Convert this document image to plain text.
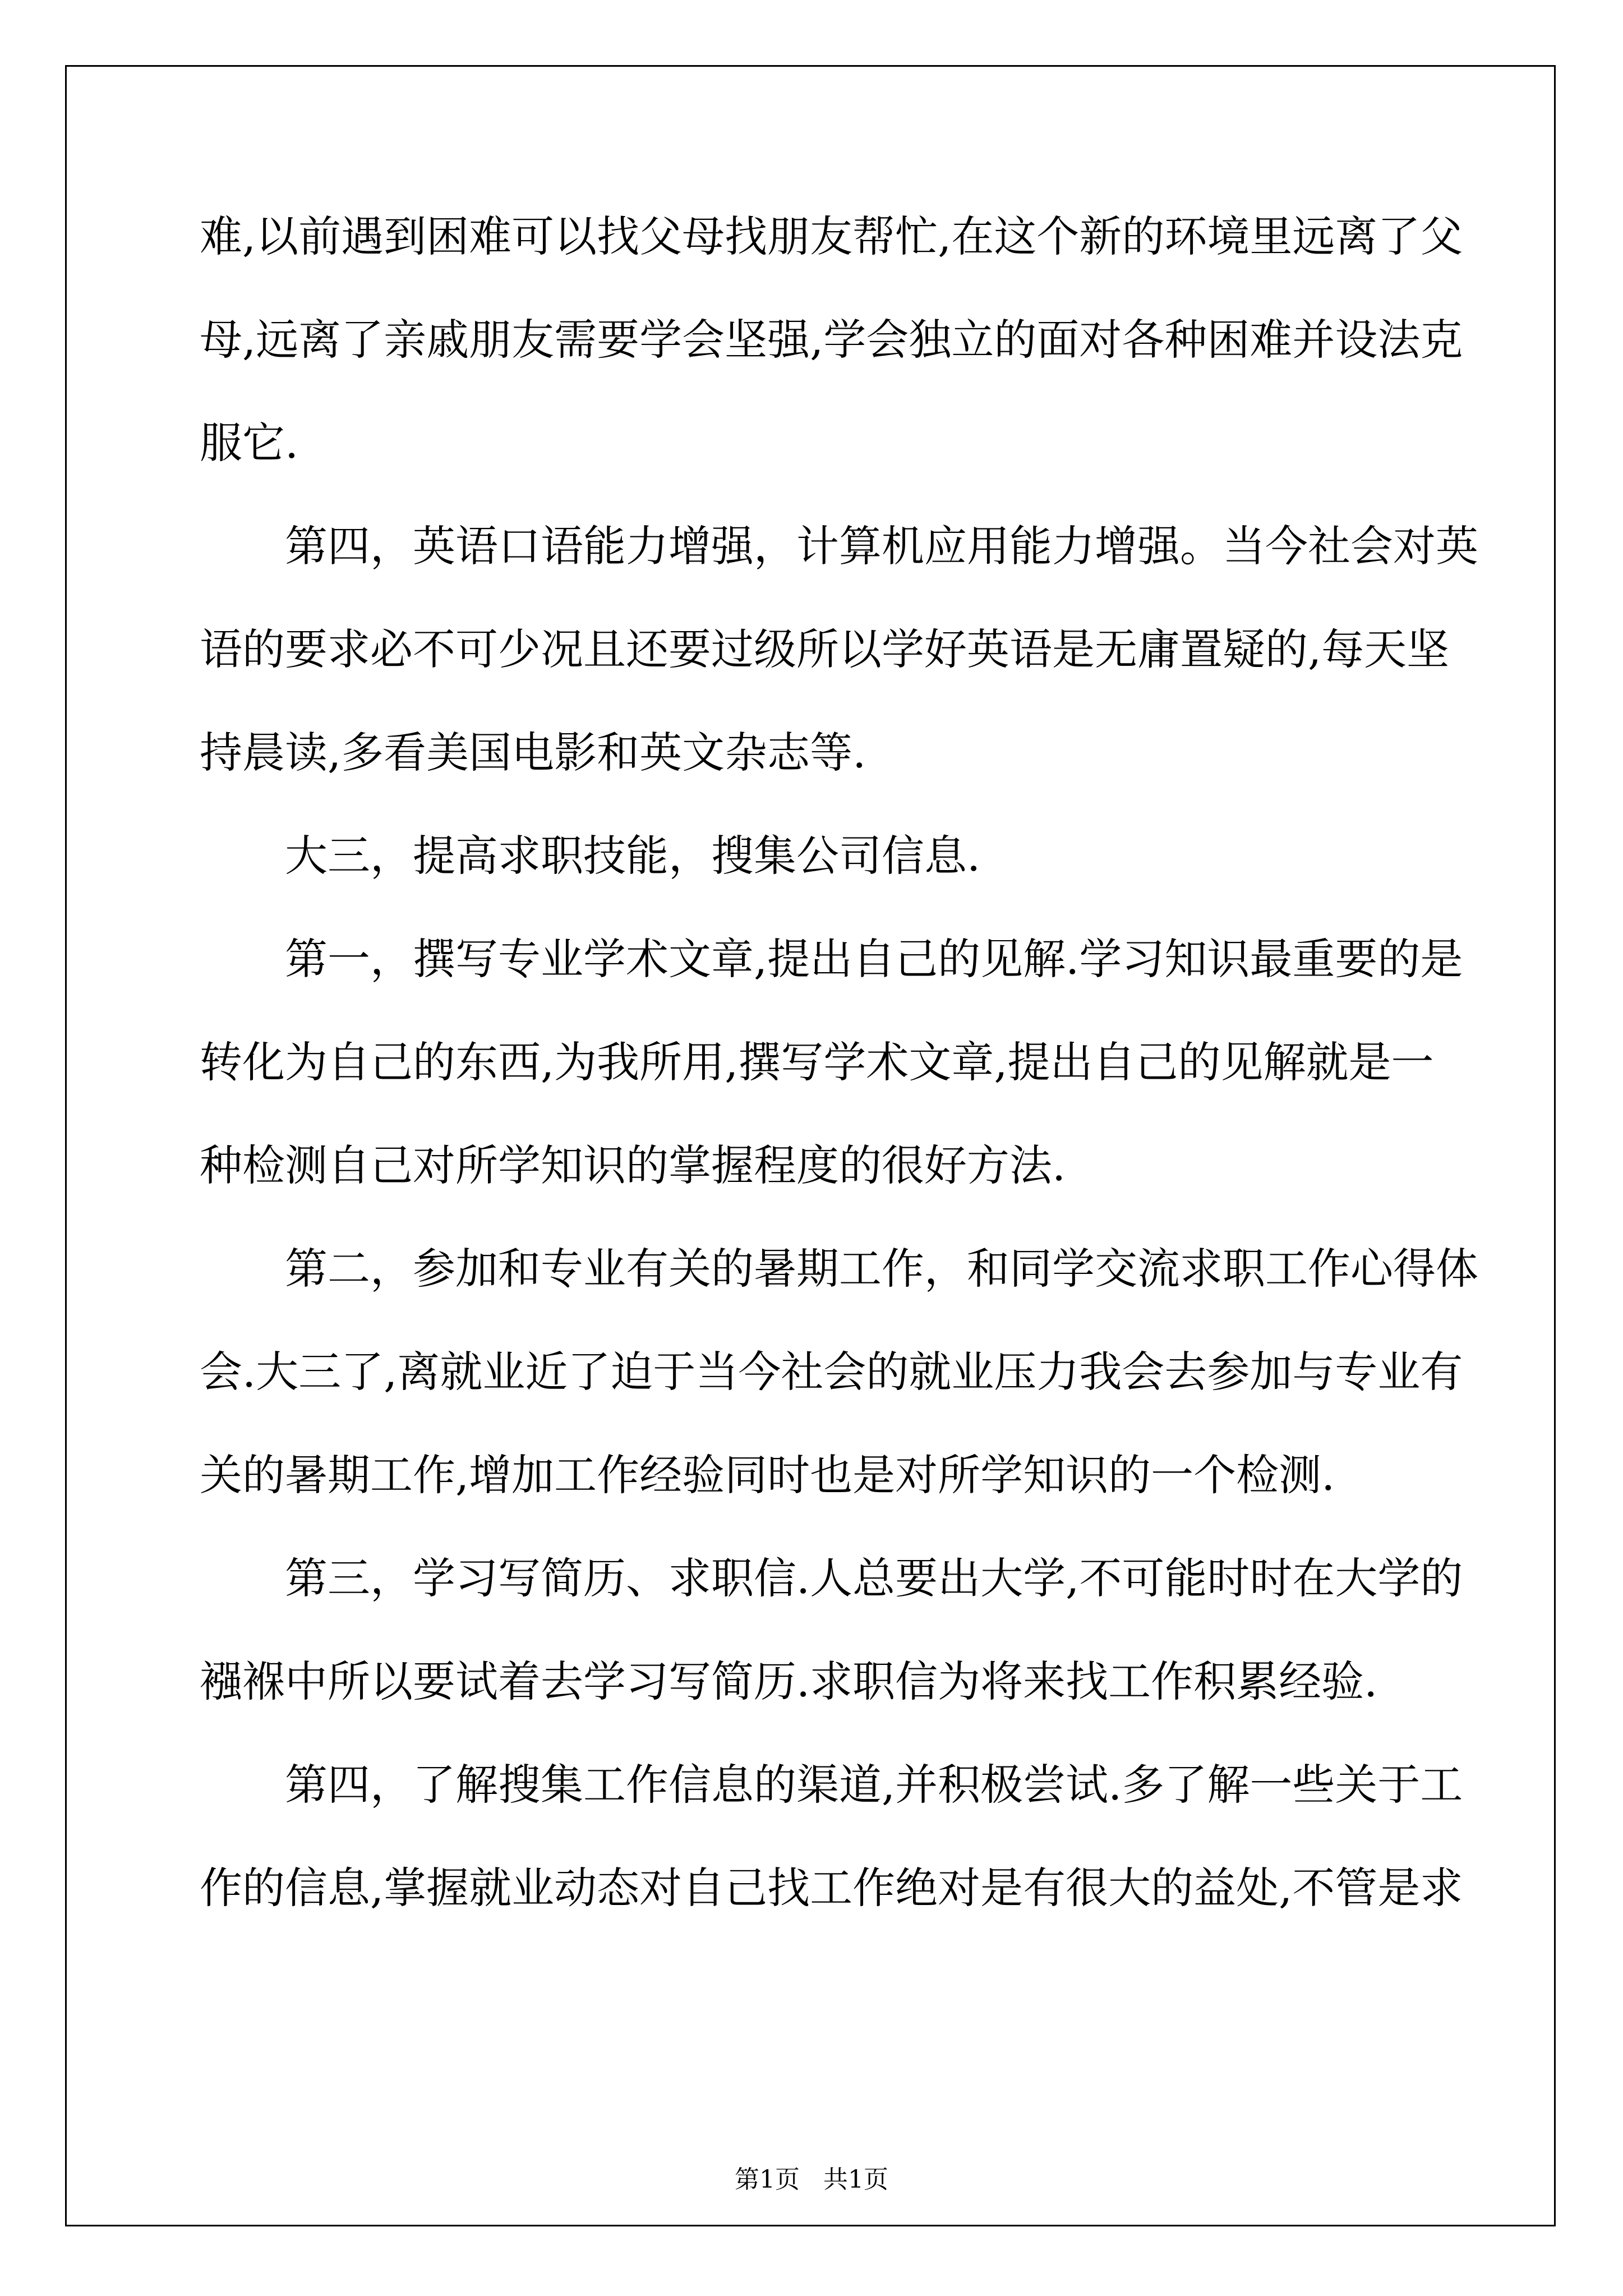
难,以前遇到困难可以找父母找朋友帮忙,在这个新的环境里远离了父
母,远离了亲戚朋友需要学会坚强,学会独立的面对各种困难并设法克
服它.
第四，英语口语能力增强，计算机应用能力增强。当今社会对英
语的要求必不可少况且还要过级所以学好英语是无庸置疑的,每天坚
持晨读,多看美国电影和英文杂志等.
大三，提高求职技能，搜集公司信息.
第一，撰写专业学术文章,提出自己的见解.学习知识最重要的是
转化为自己的东西,为我所用,撰写学术文章,提出自己的见解就是一
种检测自己对所学知识的掌握程度的很好方法.
第二，参加和专业有关的暑期工作，和同学交流求职工作心得体
会.大三了,离就业近了迫于当今社会的就业压力我会去参加与专业有
关的暑期工作,增加工作经验同时也是对所学知识的一个检测.
第三，学习写简历、求职信.人总要出大学,不可能时时在大学的
襁褓中所以要试着去学习写简历.求职信为将来找工作积累经验.
第四，了解搜集工作信息的渠道,并积极尝试.多了解一些关于工
作的信息,掌握就业动态对自己找工作绝对是有很大的益处,不管是求
第1页   共1页
